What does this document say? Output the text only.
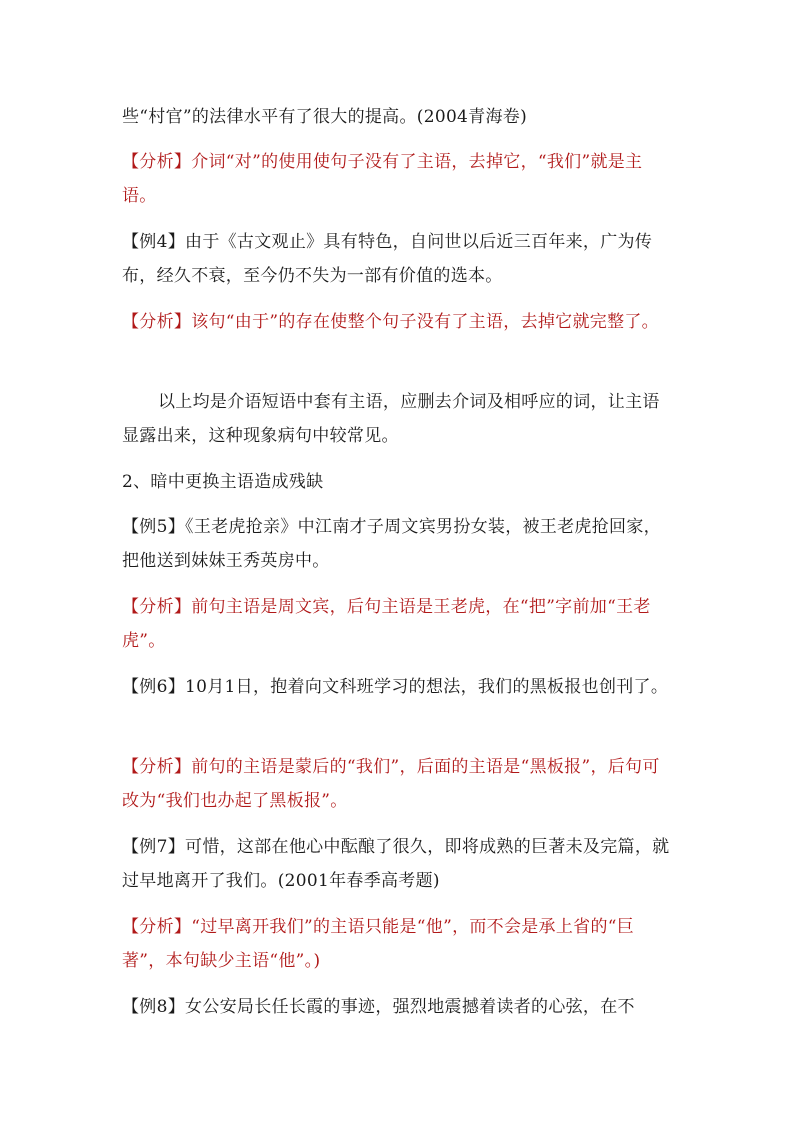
些“村官”的法律水平有了很大的提高。(2004青海卷)

【分析】介词“对”的使用使句子没有了主语，去掉它，“我们”就是主语。

【例4】由于《古文观止》具有特色，自问世以后近三百年来，广为传布，经久不衰，至今仍不失为一部有价值的选本。

【分析】该句“由于”的存在使整个句子没有了主语，去掉它就完整了。

以上均是介语短语中套有主语，应删去介词及相呼应的词，让主语显露出来，这种现象病句中较常见。

2、暗中更换主语造成残缺

【例5】《王老虎抢亲》中江南才子周文宾男扮女装，被王老虎抢回家，把他送到妹妹王秀英房中。

【分析】前句主语是周文宾，后句主语是王老虎，在“把”字前加“王老虎”。

【例6】10月1日，抱着向文科班学习的想法，我们的黑板报也创刊了。

【分析】前句的主语是蒙后的“我们”，后面的主语是“黑板报”，后句可改为“我们也办起了黑板报”。

【例7】可惜，这部在他心中酝酿了很久，即将成熟的巨著未及完篇，就过早地离开了我们。(2001年春季高考题)

【分析】“过早离开我们”的主语只能是“他”，而不会是承上省的“巨著”，本句缺少主语“他”。)

【例8】女公安局长任长霞的事迹，强烈地震撼着读者的心弦，在不
